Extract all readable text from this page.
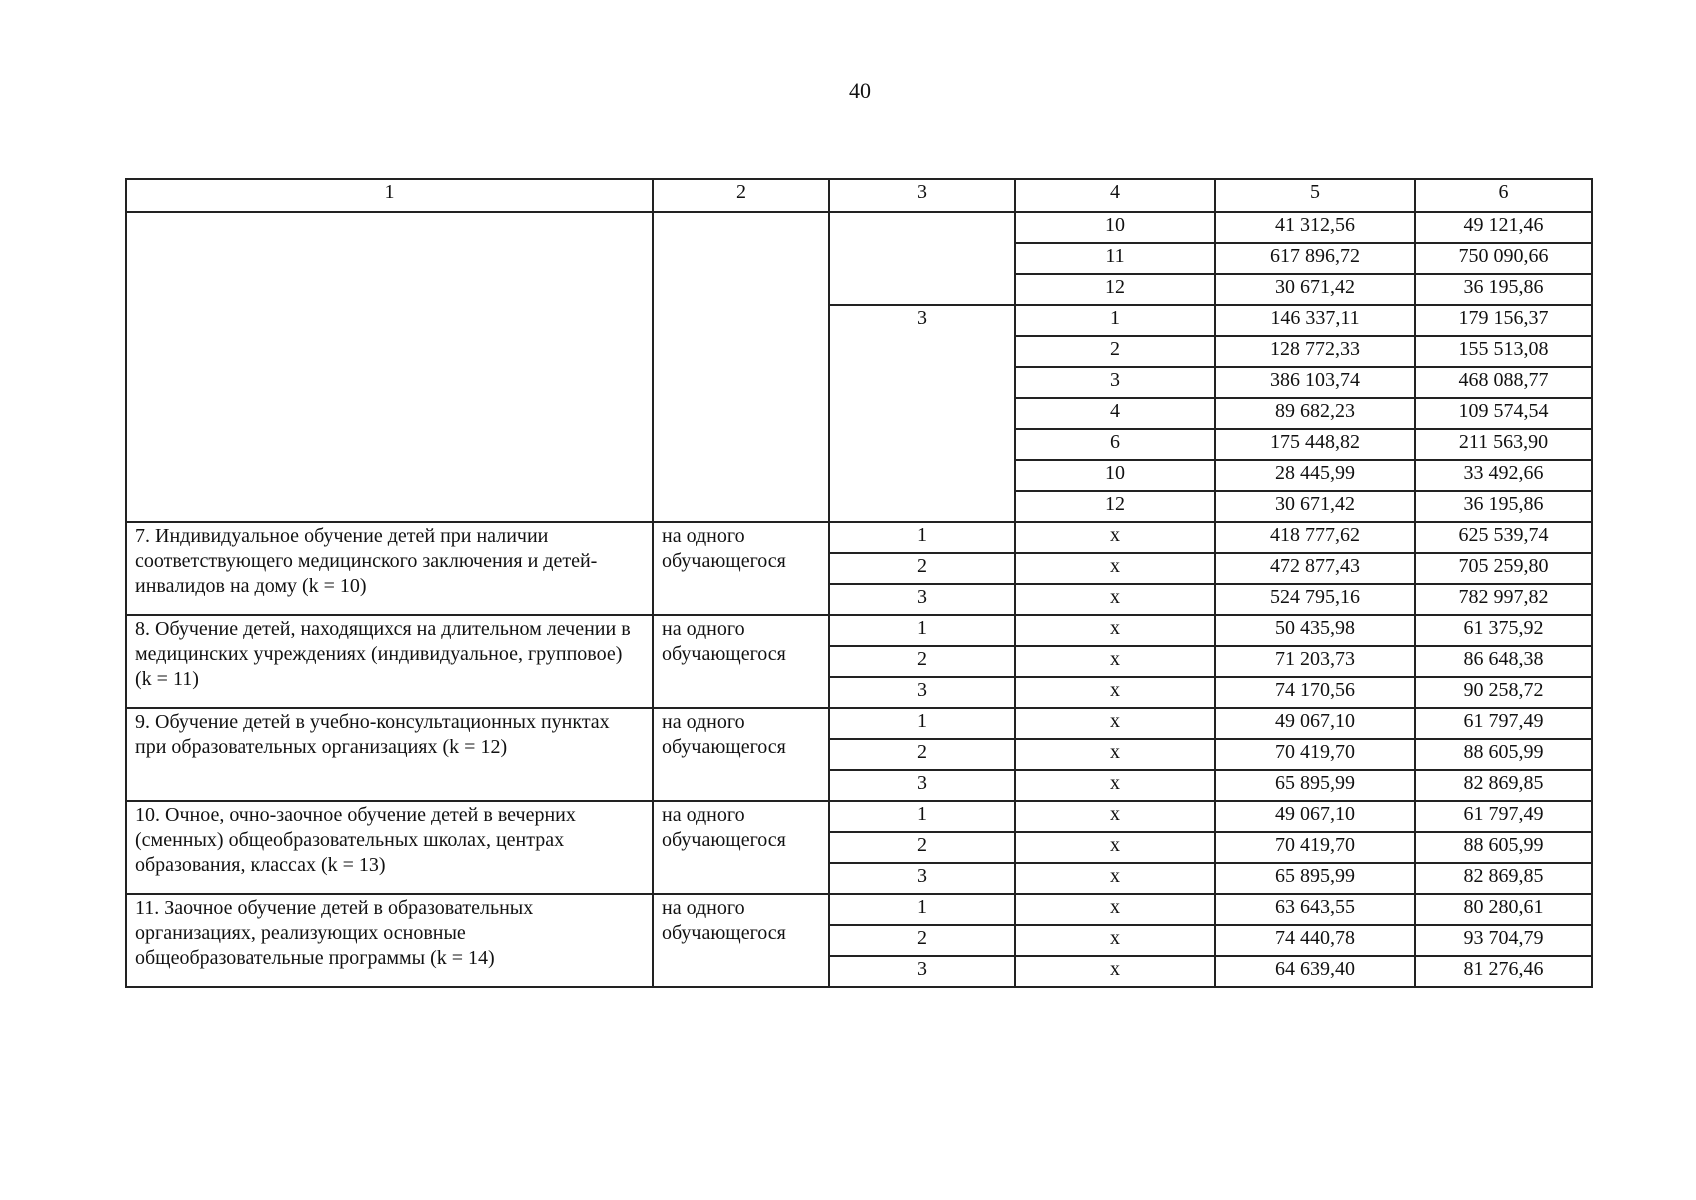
40
1	2	3	4	5	6
			10	41 312,56	49 121,46
			11	617 896,72	750 090,66
			12	30 671,42	36 195,86
		3	1	146 337,11	179 156,37
			2	128 772,33	155 513,08
			3	386 103,74	468 088,77
			4	89 682,23	109 574,54
			6	175 448,82	211 563,90
			10	28 445,99	33 492,66
			12	30 671,42	36 195,86
7. Индивидуальное обучение детей при наличии соответствующего медицинского заключения и детей-инвалидов на дому (k = 10)	на одного обучающегося	1	х	418 777,62	625 539,74
		2	х	472 877,43	705 259,80
		3	х	524 795,16	782 997,82
8. Обучение детей, находящихся на длительном лечении в медицинских учреждениях (индивидуальное, групповое) (k = 11)	на одного обучающегося	1	х	50 435,98	61 375,92
		2	х	71 203,73	86 648,38
		3	х	74 170,56	90 258,72
9. Обучение детей в учебно-консультационных пунктах при образовательных организациях (k = 12)	на одного обучающегося	1	х	49 067,10	61 797,49
		2	х	70 419,70	88 605,99
		3	х	65 895,99	82 869,85
10. Очное, очно-заочное обучение детей в вечерних (сменных) общеобразовательных школах, центрах образования, классах (k = 13)	на одного обучающегося	1	х	49 067,10	61 797,49
		2	х	70 419,70	88 605,99
		3	х	65 895,99	82 869,85
11. Заочное обучение детей в образовательных организациях, реализующих основные общеобразовательные программы (k = 14)	на одного обучающегося	1	х	63 643,55	80 280,61
		2	х	74 440,78	93 704,79
		3	х	64 639,40	81 276,46
